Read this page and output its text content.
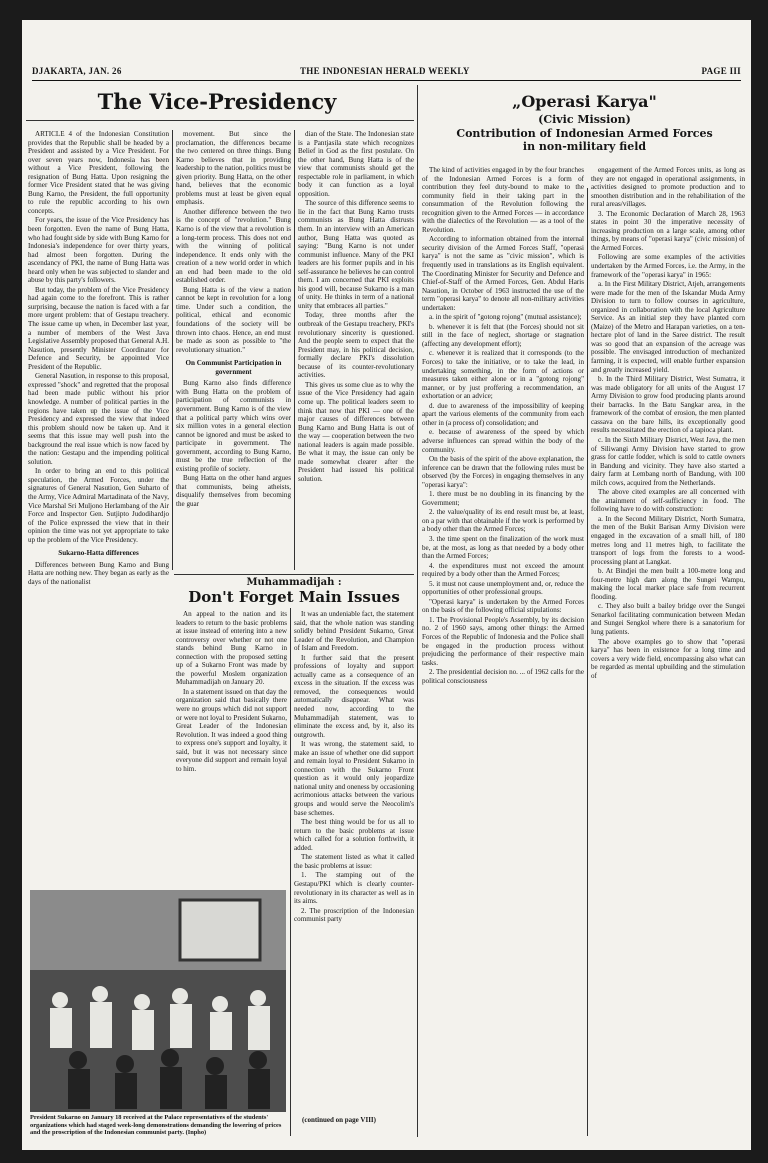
DJAKARTA, JAN. 26	THE INDONESIAN HERALD WEEKLY	PAGE III
The Vice-Presidency

ARTICLE 4 of the Indonesian Constitution provides that the Republic shall be headed by a President and assisted by a Vice President. For over seven years now, Indonesia has been without a Vice President, following the resignation of Bung Hatta. Upon resigning the former Vice President stated that he was giving Bung Karno, the President, the full opportunity to rule the republic according to his own concepts.

For years, the issue of the Vice Presidency has been forgotten. Even the name of Bung Hatta, who had fought side by side with Bung Karno for Indonesia's independence for over thirty years, had almost been forgotten. During the ascendancy of PKI, the name of Bung Hatta was heard only when he was subjected to slander and abuse by this party's followers.

But today, the problem of the Vice Presidency had again come to the forefront. This is rather surprising, because the nation is faced with a far more urgent problem: that of Gestapu treachery. The issue came up when, in December last year, a number of members of the West Java Legislative Assembly proposed that General A.H. Nasution, presently Minister Coordinator for Defence and Security, be appointed Vice President of the Republic.

General Nasution, in response to this proposal, expressed "shock" and regretted that the proposal had been made public without his prior knowledge. A number of political parties in the regions have taken up the issue of the Vice Presidency and expressed the view that indeed this problem should now be taken up. And it seems that this issue may well push into the background the real issue which is now faced by the nation: Gestapu and the impending political solution.

In order to bring an end to this political speculation, the Armed Forces, under the signatures of General Nasution, Gen Suharto of the Army, Vice Admiral Martadinata of the Navy, Vice Marshal Sri Muljono Herlambang of the Air Force and Inspector Gen. Sutjipto Judodihardjo of the Police expressed the view that in their opinion the time was not yet appropriate to take up the problem of the Vice Presidency.

Sukarno-Hatta differences

Differences between Bung Karno and Bung Hatta are nothing new. They began as early as the days of the nationalist

movement. But since the proclamation, the differences became the two centered on three things. Bung Karno believes that in providing leadership to the nation, politics must be given priority. Bung Hatta, on the other hand, believes that the economic problems must at least be given equal emphasis.

Another difference between the two is the concept of "revolution." Bung Karno is of the view that a revolution is a long-term process. This does not end with the winning of political independence. It ends only with the creation of a new world order in which an end had been made to the old established order.

Bung Hatta is of the view a nation cannot be kept in revolution for a long time. Under such a condition, the political, ethical and economic foundations of the society will be thrown into chaos. Hence, an end must be made as soon as possible to "the revolutionary situation."

On Communist Participation in government

Bung Karno also finds difference with Bung Hatta on the problem of participation of communists in government. Bung Karno is of the view that a political party which wins over six million votes in a general election cannot be ignored and must be asked to participate in government. The government, according to Bung Karno, must be the true reflection of the existing profile of society.

Bung Hatta on the other hand argues that communists, being atheists, disqualify themselves from becoming the guar

dian of the State. The Indonesian state is a Pantjasila state which recognizes Belief in God as the first postulate. On the other hand, Bung Hatta is of the view that communists should get the respectable role in parliament, in which body it can function as a loyal opposition.

The source of this difference seems to lie in the fact that Bung Karno trusts communists as Bung Hatta distrusts them. In an interview with an American author, Bung Hatta was quoted as saying: "Bung Karno is not under communist influence. Many of the PKI leaders are his former pupils and in his self-assurance he believes he can control them. I am concerned that PKI exploits his good will, because Sukarno is a man of unity. He thinks in term of a national unity that embraces all parties."

Today, three months after the outbreak of the Gestapu treachery, PKI's revolutionary sincerity is questioned. And the people seem to expect that the President may, in his political decision, formally declare PKI's dissolution because of its counter-revolutionary activities.

This gives us some clue as to why the issue of the Vice Presidency had again come up. The political leaders seem to think that now that PKI — one of the major causes of differences between Bung Karno and Bung Hatta is out of the way — cooperation between the two national leaders is again made possible. Be what it may, the issue can only be made somewhat clearer after the President had issued his political solution.

Muhammadijah :
Don't Forget Main Issues

An appeal to the nation and its leaders to return to the basic problems at issue instead of entering into a new controversy over whether or not one stands behind Bung Karno in connection with the proposed setting up of a Sukarno Front was made by the powerful Moslem organization Muhammadijah on January 20.

In a statement issued on that day the organization said that basically there were no groups which did not support or were not loyal to President Sukarno, Great Leader of the Indonesian Revolution. It was indeed a good thing to express one's support and loyalty, it said, but it was not necessary since everyone did support and remain loyal to him.

It was an undeniable fact, the statement said, that the whole nation was standing solidly behind President Sukarno, Great Leader of the Revolution, and Champion of Islam and Freedom.

It further said that the present professions of loyalty and support actually came as a consequence of an excess in the situation. If the excess was removed, the consequences would automatically disappear. What was needed now, according to the Muhammadijah statement, was to eliminate the excess and, by it, also its outgrowth.

It was wrong, the statement said, to make an issue of whether one did support and remain loyal to President Sukarno in connection with the Sukarno Front question as it would only jeopardize national unity and oneness by occasioning acrimonious attacks between the various groups and would serve the Neocolim's base schemes.

The best thing would be for us all to return to the basic problems at issue which called for a solution forthwith, it added.

The statement listed as what it called the basic problems at issue:

1. The stamping out of the Gestapu/PKI which is clearly counter-revolutionary in its character as well as in its aims.

2. The proscription of the Indonesian communist party

(continued on page VIII)
President Sukarno on January 18 received at the Palace representatives of the students' organizations which had staged week-long demonstrations demanding the lowering of prices and the proscription of the Indonesian communist party. (Inpho)
„Operasi Karya"
(Civic Mission)
Contribution of Indonesian Armed Forces in non-military field

The kind of activities engaged in by the four branches of the Indonesian Armed Forces is a form of contribution they feel duty-bound to make to the community field in their taking part in the consummation of the Revolution following the recognition given to the Armed Forces — in accordance with the dialectics of the Revolution — as a tool of the Revolution.

According to information obtained from the internal security division of the Armed Forces Staff, "operasi karya" is not the same as "civic mission", which is frequently used in translations as its English equivalent. The Coordinating Minister for Security and Defence and Chief-of-Staff of the Armed Forces, Gen. Abdul Haris Nasution, in October of 1963 instructed the use of the term "operasi karya" to denote all non-military activities undertaken:

a. in the spirit of "gotong rojong" (mutual assistance);

b. whenever it is felt that (the Forces) should not sit still in the face of neglect, shortage or stagnation (affecting any development effort);

c. whenever it is realized that it corresponds (to the Forces) to take the initiative, or to take the lead, in undertaking something, in the form of actions or measures taken either alone or in a "gotong rojong" manner, or by just proffering a recommendation, an exhortation or an advice;

d. due to awareness of the impossibility of keeping apart the various elements of the community from each other in (a process of) consolidation; and

e. because of awareness of the speed by which adverse influences can spread within the body of the community.

On the basis of the spirit of the above explanation, the inference can be drawn that the following rules must be observed (by the Forces) in engaging themselves in any "operasi karya":

1. there must be no doubling in its financing by the Government;

2. the value/quality of its end result must be, at least, on a par with that obtainable if the work is performed by a body other than the Armed Forces;

3. the time spent on the finalization of the work must be, at the most, as long as that needed by a body other than the Armed Forces;

4. the expenditures must not exceed the amount required by a body other than the Armed Forces;

5. it must not cause unemployment and, or, reduce the opportunities of other professional groups.

"Operasi karya" is undertaken by the Armed Forces on the basis of the following official stipulations:

1. The Provisional People's Assembly, by its decision no. 2 of 1960 says, among other things: the Armed Forces of the Republic of Indonesia and the Police shall be engaged in the production process without prejudicing the performance of their respective main tasks.

2. The presidential decision no. ... of 1962 calls for the political consciousness

engagement of the Armed Forces units, as long as they are not engaged in operational assignments, in activities designed to promote production and to smoothen distribution and in the rehabilitation of the rural areas/villages.

3. The Economic Declaration of March 28, 1963 states in point 30 the imperative necessity of increasing production on a large scale, among other things, by means of "operasi karya" (civic mission) of the Armed Forces.

Following are some examples of the activities undertaken by the Armed Forces, i.e. the Army, in the framework of the "operasi karya" in 1965:

a. In the First Military District, Atjeh, arrangements were made for the men of the Iskandar Muda Army Division to turn to follow courses in agriculture, organized in collaboration with the local Agriculture Service. As an initial step they have planted corn (Maize) of the Metro and Harapan varieties, on a ten-hectare plot of land in the Saree district. The result was so good that an expansion of the acreage was possible. The envisaged introduction of mechanized farming, it is expected, will enable further expansion and greatly increased yield.

b. In the Third Military District, West Sumatra, it was made obligatory for all units of the August 17 Army Division to grow food producing plants around their barracks. In the Batu Sangkar area, in the framework of the combat of erosion, the men planted cassava on the bare hills, its exceptionally good results necessitated the erection of a tapioca plant.

c. In the Sixth Military District, West Java, the men of Siliwangi Army Division have started to grow grass for cattle fodder, which is sold to cattle owners in Bandung and vicinity. They have also started a dairy farm at Lembang north of Bandung, with 100 milch cows, acquired from the Netherlands.

The above cited examples are all concerned with the attainment of self-sufficiency in food. The following have to do with construction:

a. In the Second Military District, North Sumatra, the men of the Bukit Barisan Army Division were engaged in the excavation of a small hill, of 180 metres long and 11 metres high, to facilitate the transport of logs from the forests to a wood-processing plant at Langkat.

b. At Bindjei the men built a 100-metre long and four-metre high dam along the Sungei Wampu, making the local marker place safe from recurrent flooding.

c. They also built a bailey bridge over the Sungei Senarkol facilitating communication between Medan and Sungei Sengkol where there is a sanatorium for lung patients.

The above examples go to show that "operasi karya" has been in existence for a long time and covers a very wide field, encompassing also what can be regarded as mental upbuilding and the stimulation of
